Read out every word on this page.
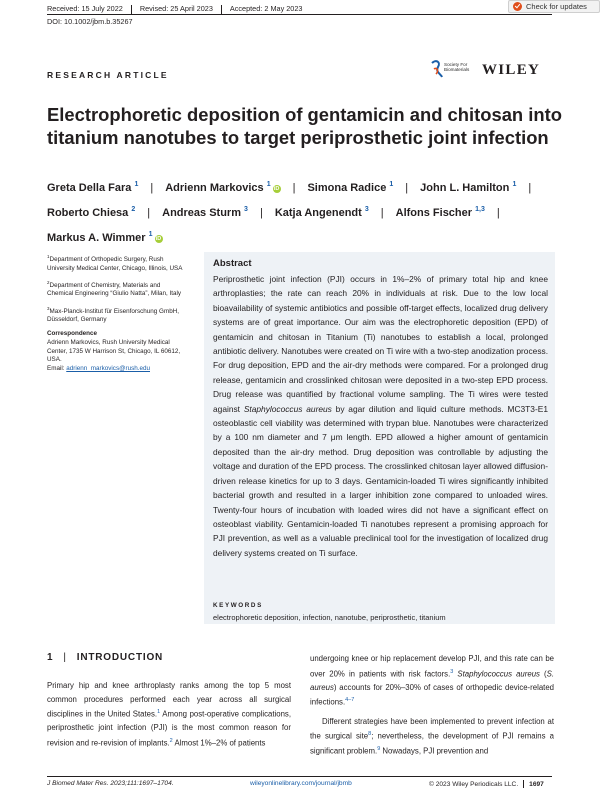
Received: 15 July 2022 Revised: 25 April 2023 Accepted: 2 May 2023	Check for updates
DOI: 10.1002/jbm.b.35267
RESEARCH ARTICLE
Society For Biomaterials WILEY
Electrophoretic deposition of gentamicin and chitosan into titanium nanotubes to target periprosthetic joint infection
Greta Della Fara $^1$ | Adrienn Markovics $^1$iD | Simona Radice $^1$ | John L. Hamilton $^1$ |
Roberto Chiesa $^2$ | Andreas Sturm $^3$ | Katja Angenendt $^3$ | Alfons Fischer $^{1,3}$ |
Markus A. Wimmer $^1$iD

$^1$Department of Orthopedic Surgery, Rush University Medical Center, Chicago, Illinois, USA

$^2$Department of Chemistry, Materials and Chemical Engineering “Giulio Natta”, Milan, Italy

$^3$Max-Planck-Institut für Eisenforschung GmbH, Düsseldorf, Germany

Correspondence

Adrienn Markovics, Rush University Medical Center, 1735 W Harrison St, Chicago, IL 60612, USA.
Email: adrienn_markovics@rush.edu

Abstract
Periprosthetic joint infection (PJI) occurs in 1%–2% of primary total hip and knee arthroplasties; the rate can reach 20% in individuals at risk. Due to the low local bioavailability of systemic antibiotics and possible off-target effects, localized drug delivery systems are of great importance. Our aim was the electrophoretic deposition (EPD) of gentamicin and chitosan in Titanium (Ti) nanotubes to establish a local, prolonged antibiotic delivery. Nanotubes were created on Ti wire with a two-step anodization process. For drug deposition, EPD and the air-dry methods were compared. For a prolonged drug release, gentamicin and crosslinked chitosan were deposited in a two-step EPD process. Drug release was quantified by fractional volume sampling. The Ti wires were tested against Staphylococcus aureus by agar dilution and liquid culture methods. MC3T3-E1 osteoblastic cell viability was determined with trypan blue. Nanotubes were characterized by a 100 nm diameter and 7 μm length. EPD allowed a higher amount of gentamicin deposited than the air-dry method. Drug deposition was controllable by adjusting the voltage and duration of the EPD process. The crosslinked chitosan layer allowed diffusion-driven release kinetics for up to 3 days. Gentamicin-loaded Ti wires significantly inhibited bacterial growth and resulted in a larger inhibition zone compared to unloaded wires. Twenty-four hours of incubation with loaded wires did not have a significant effect on osteoblast viability. Gentamicin-loaded Ti nanotubes represent a promising approach for PJI prevention, as well as a valuable preclinical tool for the investigation of localized drug delivery systems created on Ti surface.
KEYWORDS
electrophoretic deposition, infection, nanotube, periprosthetic, titanium
1 | INTRODUCTION

Primary hip and knee arthroplasty ranks among the top 5 most common procedures performed each year across all surgical disciplines in the United States.$^1$ Among post-operative complications, periprosthetic joint infection (PJI) is the most common reason for revision and re-revision of implants.$^2$ Almost 1%–2% of patients

undergoing knee or hip replacement develop PJI, and this rate can be over 20% in patients with risk factors.$^3$ Staphylococcus aureus (S. aureus) accounts for 20%–30% of cases of orthopedic device-related infections.$^{4-7}$

Different strategies have been implemented to prevent infection at the surgical site$^8$; nevertheless, the development of PJI remains a significant problem.$^9$ Nowadays, PJI prevention and

J Biomed Mater Res. 2023;111:1697–1704.	wileyonlinelibrary.com/journal/jbmb	© 2023 Wiley Periodicals LLC. 1697
